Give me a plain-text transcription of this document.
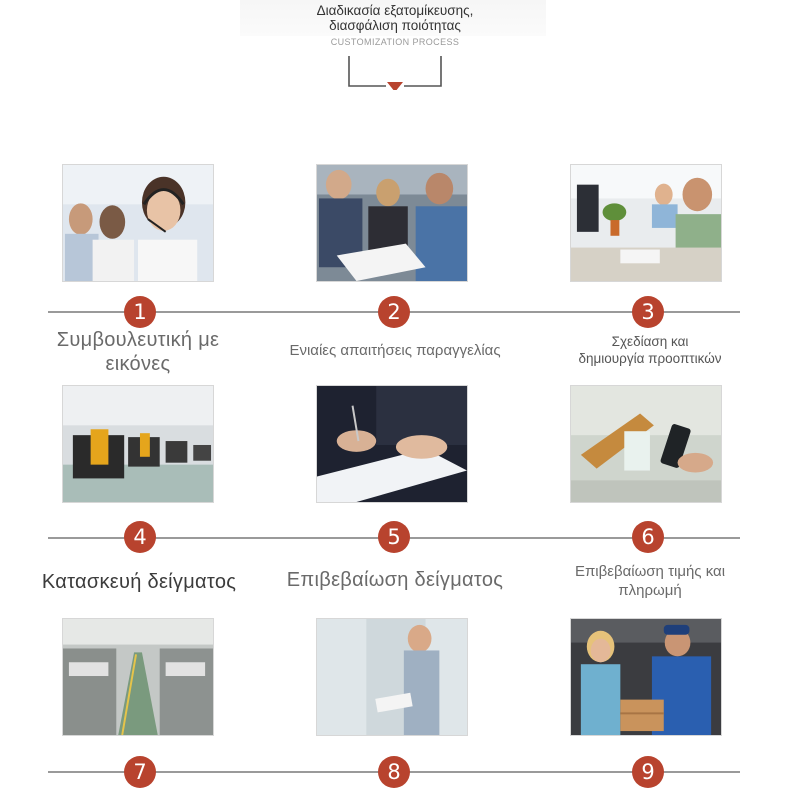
Διαδικασία εξατομίκευσης,
διασφάλιση ποιότητας
CUSTOMIZATION PROCESS
1	2	3
Συμβουλευτική με
εικόνες
Ενιαίες απαιτήσεις παραγγελίας
Σχεδίαση και
δημιουργία προοπτικών
4	5	6
Κατασκευή δείγματος	Επιβεβαίωση δείγματος	Επιβεβαίωση τιμής και
πληρωμή
7	8	9
